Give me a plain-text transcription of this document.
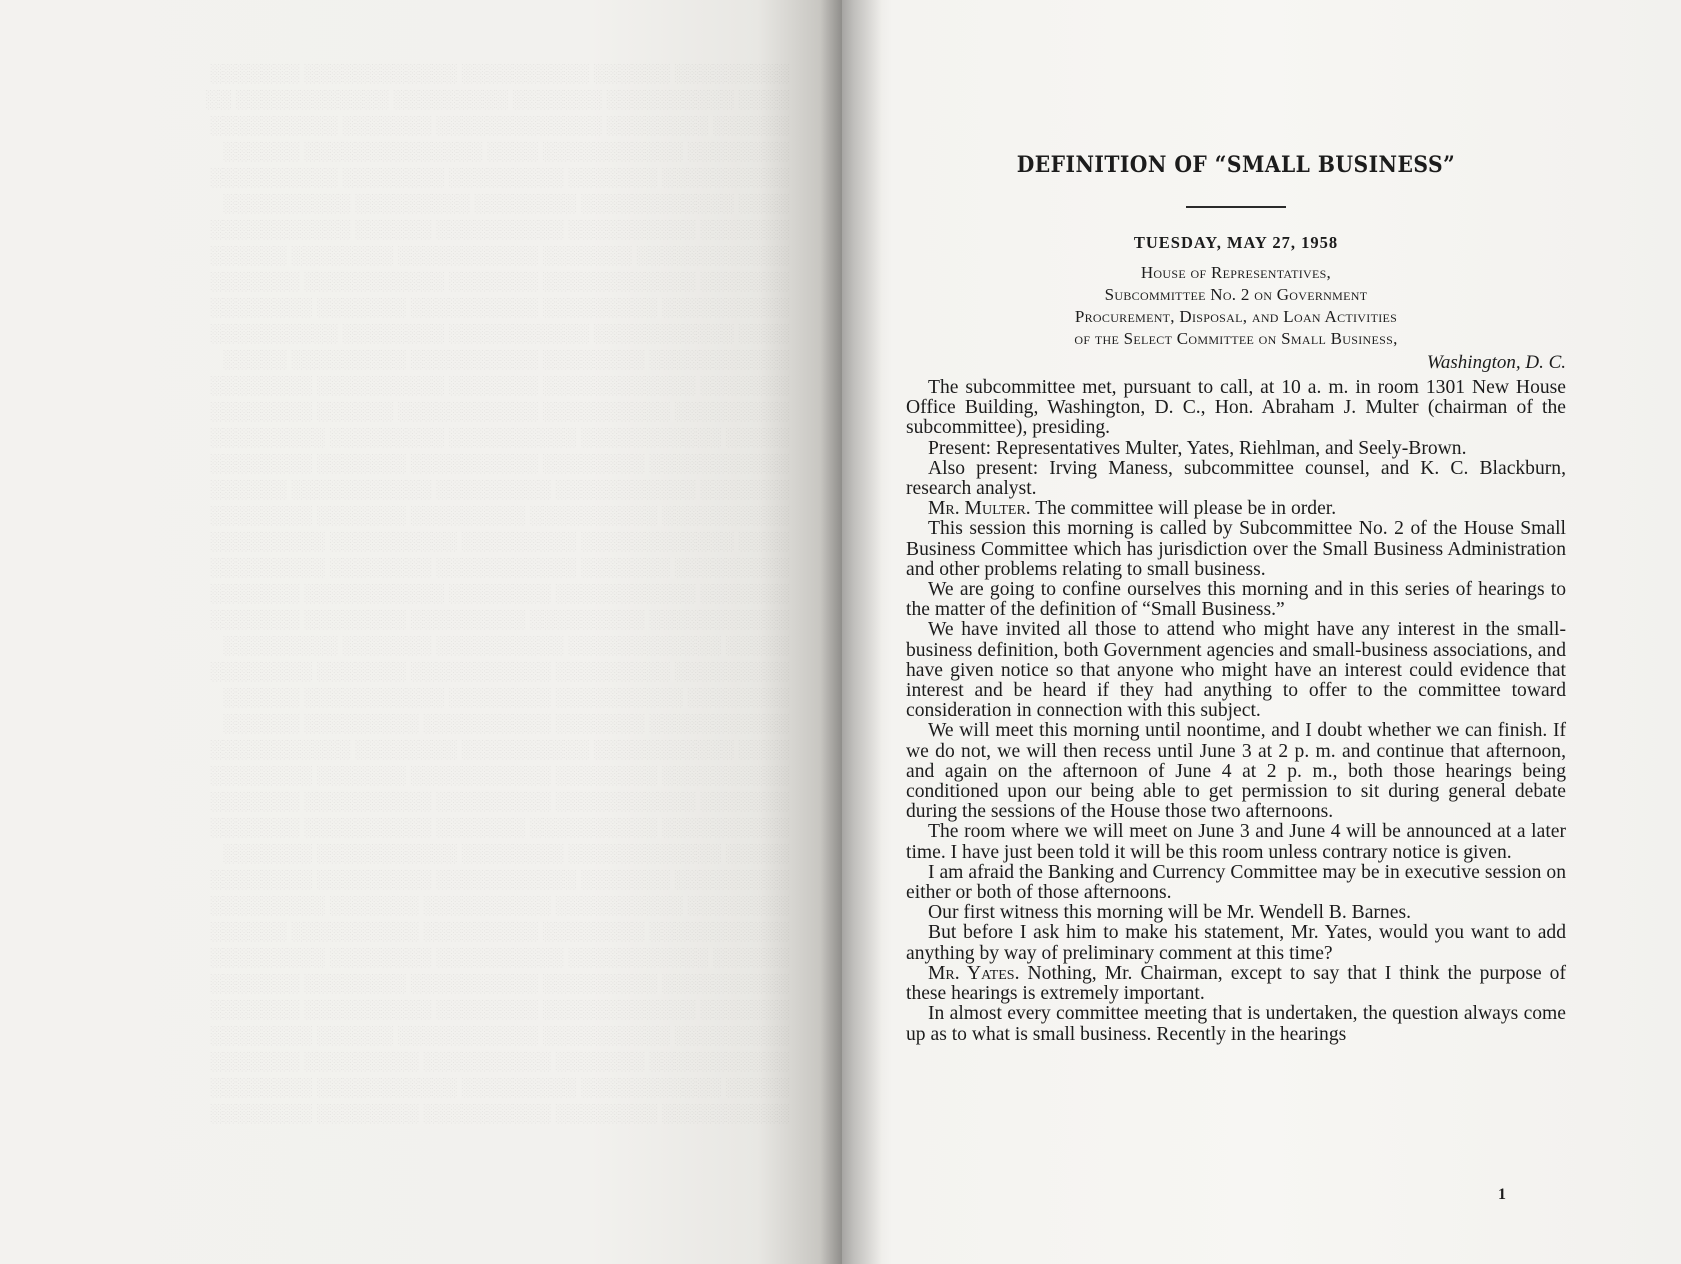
░░░░░░░░░ ░░░░░░ ░░░░░░░░░░ ░░░░░░░░░░░░ ░░░░░░░
░░░░ ░░░░░░░░░░ ░░░░░░░ ░░░░░░░░░ ░░░░░░░░░░░░ ░░
░░░░░░ ░░░░░░░░ ░░░░░░░░░░░░░ ░░░░░░░ ░░░░░░░░░░
░░░░░░░░ ░░░░░░░░░░░ ░░░░ ░░░░░░░░░░░░░░ ░░░░░░
░░░░░░░░░░ ░░░░░░░ ░░░░░░░░░ ░░░░░░░░ ░░░░░░░░░░
░░░░ ░░░░░░░░░░░░ ░░░░░░░░ ░░░░░░░░░ ░░░░░░░░░░
░░░░░░░ ░░░░░░░░░░ ░░░░░░░░░░ ░░░░░░ ░░░░░░░░░░░
░░░░░░░░░░░░ ░░░░░░░ ░░░░░░░░░░░ ░░░░░░░░ ░░░░░░
░░░░░░░ ░░░░░░░░░░░░ ░░░░░░░ ░░░░░░░░░░░ ░░░░░░░
░░░░░░░░░░ ░░░░░░░░░ ░░░░░░░░░░ ░░░░░░░ ░░░░░░░░
░░░░ ░░░░░░░░░░░ ░░░░░░░░░░░ ░░░░░░░░ ░░░░░░░░░░
░░░░░░░░░░░ ░░░░░░░░ ░░░░░░░░░░ ░░░░░░░░░ ░░░░░
░░░░░░░ ░░░░░░░░░░░░ ░░░░░░░ ░░░░░░░░░░ ░░░░░░░░
░░░░░░░░░ ░░░░░░░░░░ ░░░░░░░░░░░ ░░░░░░ ░░░░░░░░
░░░░░ ░░░░░░░░░░░ ░░░░░░░░░░ ░░░░░░░░░ ░░░░░░░░░
░░░░░░░░░░░ ░░░░░░░░ ░░░░░░░░░░ ░░░░░░░ ░░░░░░░░
░░░░░░░ ░░░░░░░░░░░ ░░░░░░░░░ ░░░░░░░░░░░ ░░░░░░
░░░░░░░░░░ ░░░░░░░░░░ ░░░░░░░░░ ░░░░░░░ ░░░░░░░░
░░░░ ░░░░░░░░░░░░ ░░░░░░░░░ ░░░░░░░░░░ ░░░░░░░░░
░░░░░░░░░ ░░░░░░░ ░░░░░░░░░░░ ░░░░░░░░ ░░░░░░░░░
░░░░░░░ ░░░░░░░░░░░ ░░░░░░░░ ░░░░░░░░░░░ ░░░░░░░
░░░░░░░░░░░ ░░░░░░░░░ ░░░░░░░░░ ░░░░░░░░ ░░░░░░░
░░░░░ ░░░░░░░░░░░░ ░░░░░░░░░░ ░░░░░░░ ░░░░░░░░░
░░░░░░░░░ ░░░░░░░░░ ░░░░░░░░░░░ ░░░░░░░ ░░░░░░░░
░░░░░░░░ ░░░░░░░░░░ ░░░░░░░░ ░░░░░░░░░░░ ░░░░░░
░░░░░░░░░░░ ░░░░░░░ ░░░░░░░░░░ ░░░░░░░░░ ░░░░░░
░░░░ ░░░░░░░░░░░ ░░░░░░░░░░ ░░░░░░░░ ░░░░░░░░░░░
░░░░░░░░░░ ░░░░░░░░ ░░░░░░░░░░░ ░░░░░░░ ░░░░░░░░
░░░░░░░ ░░░░░░░░░░░ ░░░░░░░░░ ░░░░░░░░░░ ░░░░░░░
░░░░░░░░░░ ░░░░░░░░░░ ░░░░░░░ ░░░░░░░░░░ ░░░░░░░
░░░░░ ░░░░░░░░░░░░ ░░░░░░░░ ░░░░░░░░░░░ ░░░░░░░
░░░░░░░░░ ░░░░░░░ ░░░░░░░░░░░ ░░░░░░░░░ ░░░░░░░░
░░░░░░░░ ░░░░░░░░░░ ░░░░░░░░░░ ░░░░░░░ ░░░░░░░░░
░░░░░░░░░░░ ░░░░░░░░ ░░░░░░░░░ ░░░░░░░░░░ ░░░░░░
░░░░░░ ░░░░░░░░░░░ ░░░░░░░░░░ ░░░░░░░░ ░░░░░░░░░
░░░░░░░░░░ ░░░░░░░░░ ░░░░░░░░░░ ░░░░░░░░ ░░░░░░░
░░░░░░░ ░░░░░░░░░░░░ ░░░░░░░░ ░░░░░░░░░░ ░░░░░░░
░░░░░░░░░ ░░░░░░░░░░ ░░░░░░░░░░░ ░░░░░░ ░░░░░░░░
░░░░░░░░░░░ ░░░░░░░ ░░░░░░░░░░ ░░░░░░░░░ ░░░░░░░
░░░░░ ░░░░░░░░░░░ ░░░░░░░░░ ░░░░░░░░░░░ ░░░░░░░░
░░░░░░░░░░ ░░░░░░░░ ░░░░░░░░░░ ░░░░░░░░ ░░░░░░░░
DEFINITION OF “SMALL BUSINESS”
TUESDAY, MAY 27, 1958
House of Representatives,
Subcommittee No. 2 on Government
Procurement, Disposal, and Loan Activities
of the Select Committee on Small Business,
Washington, D. C.

The subcommittee met, pursuant to call, at 10 a. m. in room 1301 New House Office Building, Washington, D. C., Hon. Abraham J. Multer (chairman of the subcommittee), presiding.

Present: Representatives Multer, Yates, Riehlman, and Seely-Brown.

Also present: Irving Maness, subcommittee counsel, and K. C. Blackburn, research analyst.

Mr. Multer. The committee will please be in order.

This session this morning is called by Subcommittee No. 2 of the House Small Business Committee which has jurisdiction over the Small Business Administration and other problems relating to small business.

We are going to confine ourselves this morning and in this series of hearings to the matter of the definition of “Small Business.”

We have invited all those to attend who might have any interest in the small-business definition, both Government agencies and small-business associations, and have given notice so that anyone who might have an interest could evidence that interest and be heard if they had anything to offer to the committee toward consideration in connection with this subject.

We will meet this morning until noontime, and I doubt whether we can finish. If we do not, we will then recess until June 3 at 2 p. m. and continue that afternoon, and again on the afternoon of June 4 at 2 p. m., both those hearings being conditioned upon our being able to get permission to sit during general debate during the sessions of the House those two afternoons.

The room where we will meet on June 3 and June 4 will be announced at a later time. I have just been told it will be this room unless contrary notice is given.

I am afraid the Banking and Currency Committee may be in executive session on either or both of those afternoons.

Our first witness this morning will be Mr. Wendell B. Barnes.

But before I ask him to make his statement, Mr. Yates, would you want to add anything by way of preliminary comment at this time?

Mr. Yates. Nothing, Mr. Chairman, except to say that I think the purpose of these hearings is extremely important.

In almost every committee meeting that is undertaken, the question always come up as to what is small business. Recently in the hearings

1
